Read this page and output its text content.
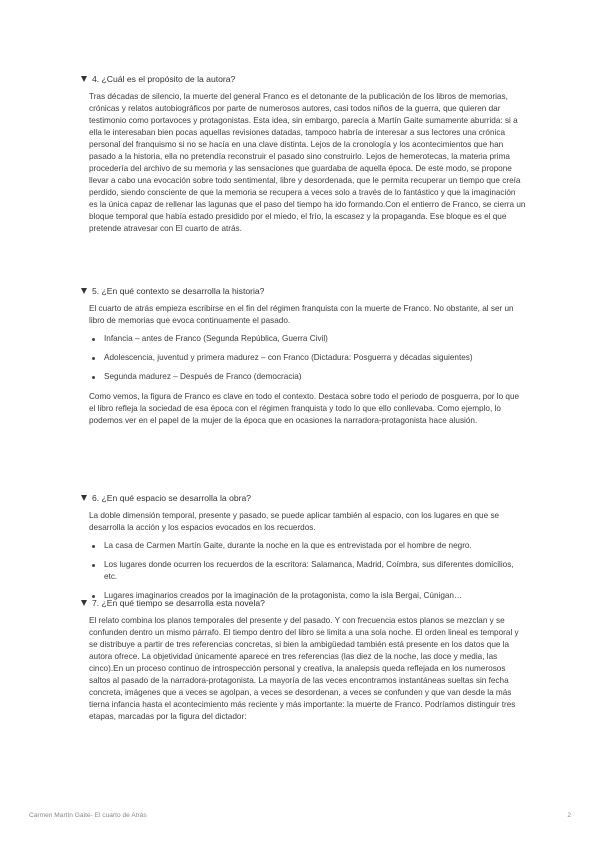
4. ¿Cuál es el propósito de la autora?

Tras décadas de silencio, la muerte del general Franco es el detonante de la publicación de los libros de memorias, crónicas y relatos autobiográficos por parte de numerosos autores, casi todos niños de la guerra, que quieren dar testimonio como portavoces y protagonistas. Esta idea, sin embargo, parecía a Martín Gaite sumamente aburrida: si a ella le interesaban bien pocas aquellas revisiones datadas, tampoco habría de interesar a sus lectores una crónica personal del franquismo si no se hacía en una clave distinta. Lejos de la cronología y los acontecimientos que han pasado a la historia, ella no pretendía reconstruir el pasado sino construirlo. Lejos de hemerotecas, la materia prima procedería del archivo de su memoria y las sensaciones que guardaba de aquella época. De este modo, se propone llevar a cabo una evocación sobre todo sentimental, libre y desordenada, que le permita recuperar un tiempo que creía perdido, siendo consciente de que la memoria se recupera a veces solo a través de lo fantástico y que la imaginación es la única capaz de rellenar las lagunas que el paso del tiempo ha ido formando.Con el entierro de Franco, se cierra un bloque temporal que había estado presidido por el miedo, el frío, la escasez y la propaganda. Ese bloque es el que pretende atravesar con El cuarto de atrás.

5. ¿En qué contexto se desarrolla la historia?

El cuarto de atrás empieza escribirse en el fin del régimen franquista con la muerte de Franco. No obstante, al ser un libro de memorias que evoca continuamente el pasado.

Infancia – antes de Franco (Segunda República, Guerra Civil)
Adolescencia, juventud y primera madurez – con Franco (Dictadura: Posguerra y décadas siguientes)
Segunda madurez – Después de Franco (democracia)

Como vemos, la figura de Franco es clave en todo el contexto. Destaca sobre todo el periodo de posguerra, por lo que el libro refleja la sociedad de esa época con el régimen franquista y todo lo que ello conllevaba. Como ejemplo, lo podemos ver en el papel de la mujer de la época que en ocasiones la narradora-protagonista hace alusión.

6. ¿En qué espacio se desarrolla la obra?

La doble dimensión temporal, presente y pasado, se puede aplicar también al espacio, con los lugares en que se desarrolla la acción y los espacios evocados en los recuerdos.

La casa de Carmen Martín Gaite, durante la noche en la que es entrevistada por el hombre de negro.
Los lugares donde ocurren los recuerdos de la escritora: Salamanca, Madrid, Coímbra, sus diferentes domicilios, etc.
Lugares imaginarios creados por la imaginación de la protagonista, como la isla Bergai, Cúnigan…
7. ¿En qué tiempo se desarrolla esta novela?

El relato combina los planos temporales del presente y del pasado. Y con frecuencia estos planos se mezclan y se confunden dentro un mismo párrafo. El tiempo dentro del libro se limita a una sola noche. El orden lineal es temporal y se distribuye a partir de tres referencias concretas, si bien la ambigüedad también está presente en los datos que la autora ofrece. La objetividad únicamente aparece en tres referencias (las diez de la noche, las doce y media, las cinco).En un proceso continuo de introspección personal y creativa, la analepsis queda reflejada en los numerosos saltos al pasado de la narradora-protagonista. La mayoría de las veces encontramos instantáneas sueltas sin fecha concreta, imágenes que a veces se agolpan, a veces se desordenan, a veces se confunden y que van desde la más tierna infancia hasta el acontecimiento más reciente y más importante: la muerte de Franco. Podríamos distinguir tres etapas, marcadas por la figura del dictador:

Carmen Martín Gaite- El cuarto de Atrás	2
